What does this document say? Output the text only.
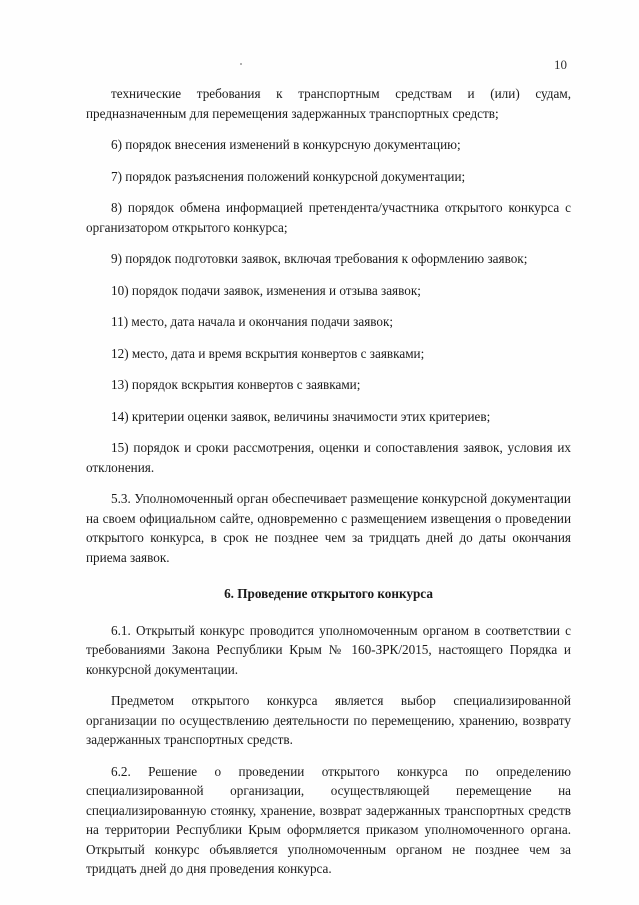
10

технические требования к транспортным средствам и (или) судам, предназначенным для перемещения задержанных транспортных средств;

6) порядок внесения изменений в конкурсную документацию;

7) порядок разъяснения положений конкурсной документации;

8) порядок обмена информацией претендента/участника открытого конкурса с организатором открытого конкурса;

9) порядок подготовки заявок, включая требования к оформлению заявок;

10) порядок подачи заявок, изменения и отзыва заявок;

11) место, дата начала и окончания подачи заявок;

12) место, дата и время вскрытия конвертов с заявками;

13) порядок вскрытия конвертов с заявками;

14) критерии оценки заявок, величины значимости этих критериев;

15) порядок и сроки рассмотрения, оценки и сопоставления заявок, условия их отклонения.

5.3. Уполномоченный орган обеспечивает размещение конкурсной документации на своем официальном сайте, одновременно с размещением извещения о проведении открытого конкурса, в срок не позднее чем за тридцать дней до даты окончания приема заявок.

6. Проведение открытого конкурса

6.1. Открытый конкурс проводится уполномоченным органом в соответствии с требованиями Закона Республики Крым № 160-ЗРК/2015, настоящего Порядка и конкурсной документации.

Предметом открытого конкурса является выбор специализированной организации по осуществлению деятельности по перемещению, хранению, возврату задержанных транспортных средств.

6.2. Решение о проведении открытого конкурса по определению специализированной организации, осуществляющей перемещение на специализированную стоянку, хранение, возврат задержанных транспортных средств на территории Республики Крым оформляется приказом уполномоченного органа. Открытый конкурс объявляется уполномоченным органом не позднее чем за тридцать дней до дня проведения конкурса.
